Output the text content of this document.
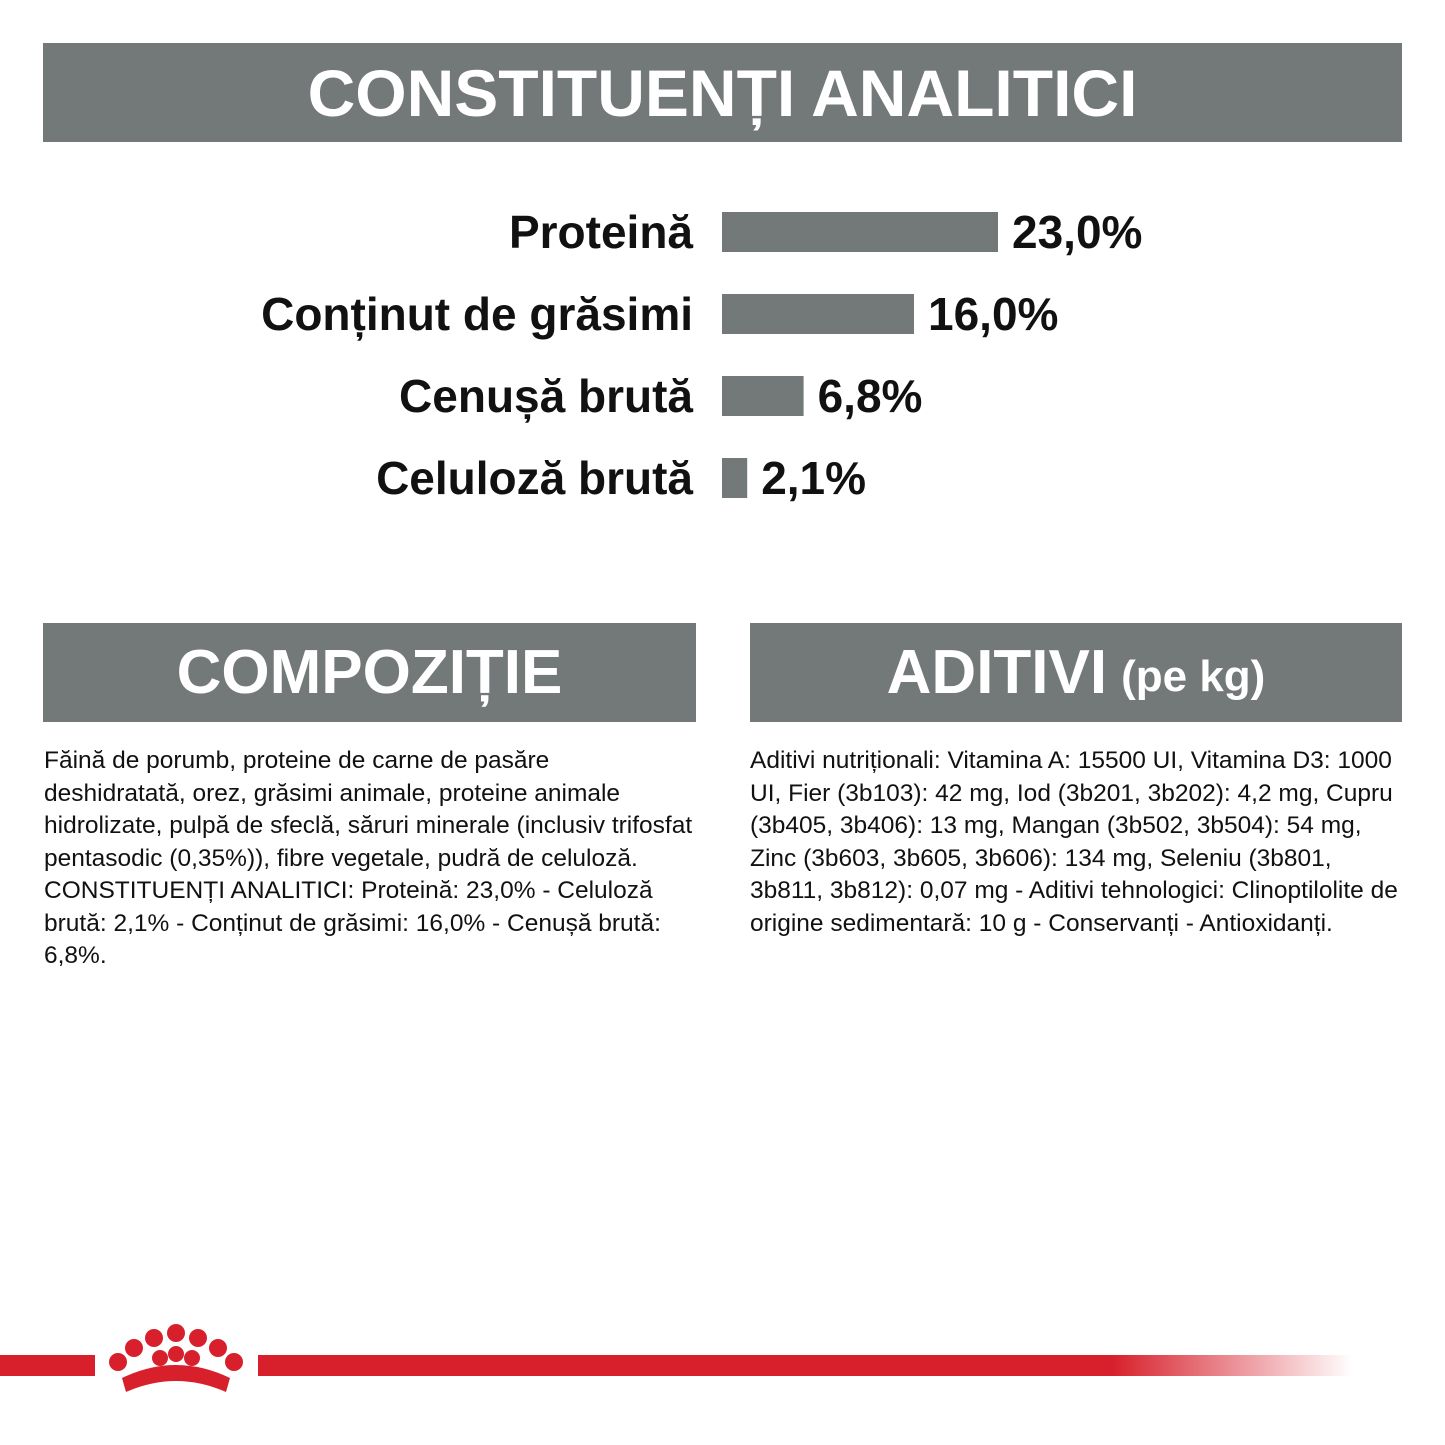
CONSTITUENȚI ANALITICI
Proteină	23,0%
Conținut de grăsimi	16,0%
Cenușă brută	6,8%
Celuloză brută 2,1%
COMPOZIȚIE	ADITIVI (pe kg)

Făină de porumb, proteine de carne de pasăre deshidratată, orez, grăsimi animale, proteine animale hidrolizate, pulpă de sfeclă, săruri minerale (inclusiv trifosfat pentasodic (0,35%)), fibre vegetale, pudră de celuloză.

CONSTITUENȚI ANALITICI: Proteină: 23,0% - Celuloză brută: 2,1% - Conținut de grăsimi: 16,0% - Cenușă brută: 6,8%.

Aditivi nutriționali: Vitamina A: 15500 UI, Vitamina D3: 1000 UI, Fier (3b103): 42 mg, Iod (3b201, 3b202): 4,2 mg, Cupru (3b405, 3b406): 13 mg, Mangan (3b502, 3b504): 54 mg, Zinc (3b603, 3b605, 3b606): 134 mg, Seleniu (3b801, 3b811, 3b812): 0,07 mg - Aditivi tehnologici: Clinoptilolite de origine sedimentară: 10 g - Conservanți - Antioxidanți.
